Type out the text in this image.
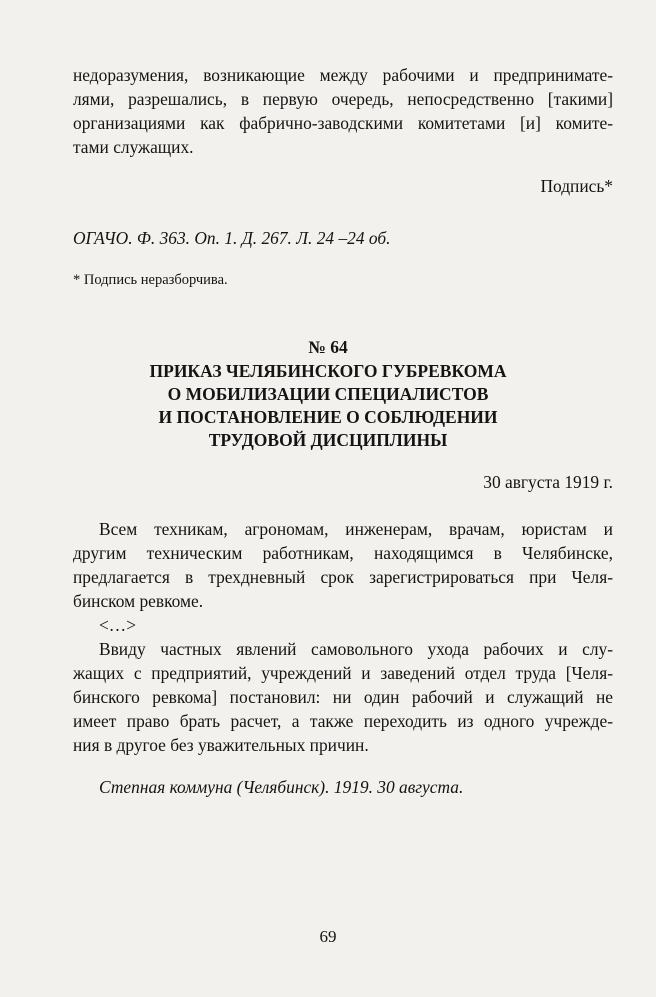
недоразумения, возникающие между рабочими и предпринимате-
лями, разрешались, в первую очередь, непосредственно [такими]
организациями как фабрично-заводскими комитетами [и] комите-
тами служащих.

Подпись*

ОГАЧО. Ф. 363. Оп. 1. Д. 267. Л. 24 –24 об.

* Подпись неразборчива.

№ 64

ПРИКАЗ ЧЕЛЯБИНСКОГО ГУБРЕВКОМА
О МОБИЛИЗАЦИИ СПЕЦИАЛИСТОВ
И ПОСТАНОВЛЕНИЕ О СОБЛЮДЕНИИ
ТРУДОВОЙ ДИСЦИПЛИНЫ

30 августа 1919 г.

Всем техникам, агрономам, инженерам, врачам, юристам и
другим техническим работникам, находящимся в Челябинске,
предлагается в трехдневный срок зарегистрироваться при Челя-
бинском ревкоме.
<…>

Ввиду частных явлений самовольного ухода рабочих и слу-
жащих с предприятий, учреждений и заведений отдел труда [Челя-
бинского ревкома] постановил: ни один рабочий и служащий не
имеет право брать расчет, а также переходить из одного учрежде-
ния в другое без уважительных причин.

Степная коммуна (Челябинск). 1919. 30 августа.

69
